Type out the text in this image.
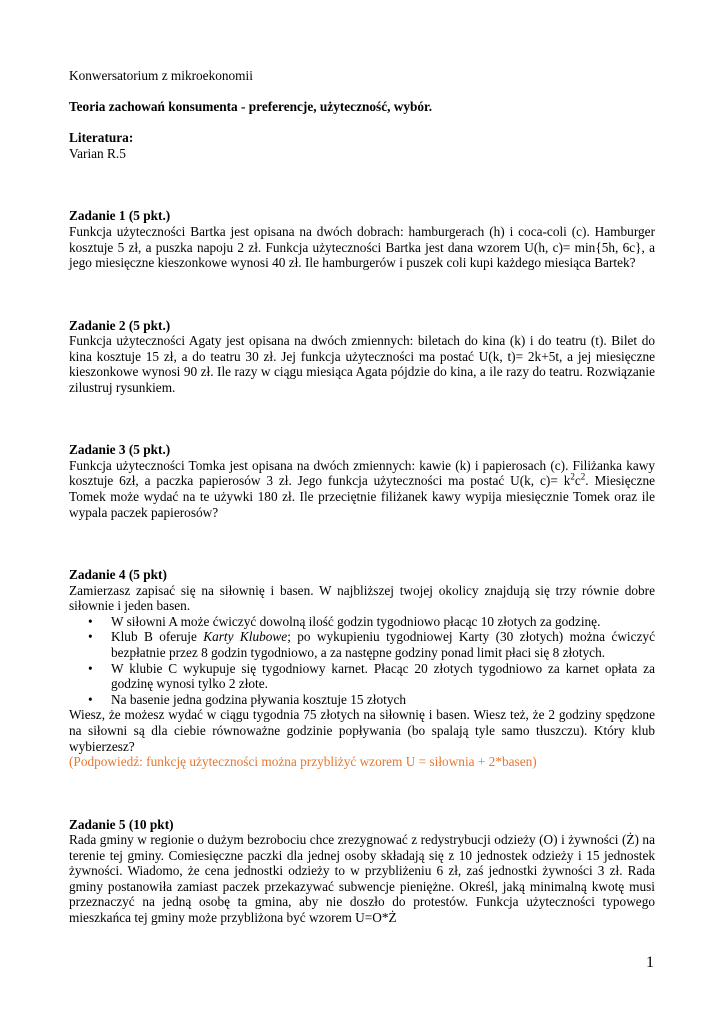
Konwersatorium z mikroekonomii

Teoria zachowań konsumenta - preferencje, użyteczność, wybór.

Literatura:

Varian R.5

Zadanie 1 (5 pkt.)

Funkcja użyteczności Bartka jest opisana na dwóch dobrach: hamburgerach (h) i coca-coli (c). Hamburger kosztuje 5 zł, a puszka napoju 2 zł. Funkcja użyteczności Bartka jest dana wzorem U(h, c)= min{5h, 6c}, a jego miesięczne kieszonkowe wynosi 40 zł. Ile hamburgerów i puszek coli kupi każdego miesiąca Bartek?

Zadanie 2 (5 pkt.)

Funkcja użyteczności Agaty jest opisana na dwóch zmiennych: biletach do kina (k) i do teatru (t). Bilet do kina kosztuje 15 zł, a do teatru 30 zł. Jej funkcja użyteczności ma postać U(k, t)= 2k+5t, a jej miesięczne kieszonkowe wynosi 90 zł. Ile razy w ciągu miesiąca Agata pójdzie do kina, a ile razy do teatru. Rozwiązanie zilustruj rysunkiem.

Zadanie 3 (5 pkt.)

Funkcja użyteczności Tomka jest opisana na dwóch zmiennych: kawie (k) i papierosach (c). Filiżanka kawy kosztuje 6zł, a paczka papierosów 3 zł. Jego funkcja użyteczności ma postać U(k, $c)= k^2c^2$. Miesięczne Tomek może wydać na te używki 180 zł. Ile przeciętnie filiżanek kawy wypija miesięcznie Tomek oraz ile wypala paczek papierosów?

Zadanie 4 (5 pkt)

Zamierzasz zapisać się na siłownię i basen. W najbliższej twojej okolicy znajdują się trzy równie dobre siłownie i jeden basen.

• W siłowni A może ćwiczyć dowolną ilość godzin tygodniowo płacąc 10 złotych za godzinę.
• Klub B oferuje Karty Klubowe; po wykupieniu tygodniowej Karty (30 złotych) można ćwiczyć bezpłatnie przez 8 godzin tygodniowo, a za następne godziny ponad limit płaci się 8 złotych.
• W klubie C wykupuje się tygodniowy karnet. Płacąc 20 złotych tygodniowo za karnet opłata za godzinę wynosi tylko 2 złote.
• Na basenie jedna godzina pływania kosztuje 15 złotych

Wiesz, że możesz wydać w ciągu tygodnia 75 złotych na siłownię i basen. Wiesz też, że 2 godziny spędzone na siłowni są dla ciebie równoważne godzinie popływania (bo spalają tyle samo tłuszczu). Który klub wybierzesz?

(Podpowiedź: funkcję użyteczności można przybliżyć wzorem U = siłownia + 2*basen)

Zadanie 5 (10 pkt)

Rada gminy w regionie o dużym bezrobociu chce zrezygnować z redystrybucji odzieży (O) i żywności (Ż) na terenie tej gminy. Comiesięczne paczki dla jednej osoby składają się z 10 jednostek odzieży i 15 jednostek żywności. Wiadomo, że cena jednostki odzieży to w przybliżeniu 6 zł, zaś jednostki żywności 3 zł. Rada gminy postanowiła zamiast paczek przekazywać subwencje pieniężne. Określ, jaką minimalną kwotę musi przeznaczyć na jedną osobę ta gmina, aby nie doszło do protestów. Funkcja użyteczności typowego mieszkańca tej gminy może przybliżona być wzorem U=O*Ż

1
